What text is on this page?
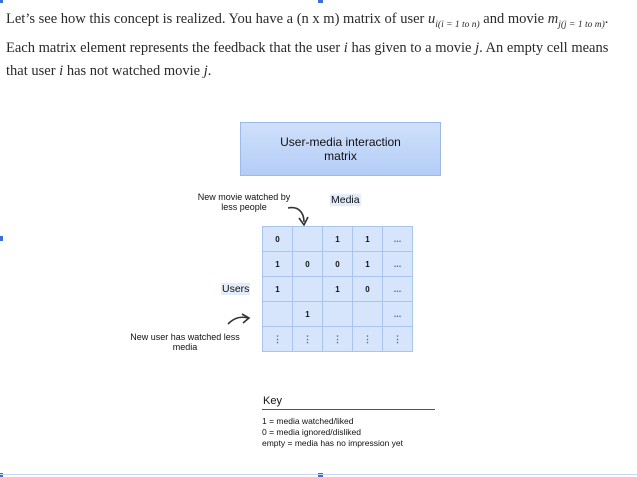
Let’s see how this concept is realized. You have a (n x m) matrix of user $u_{i(i = 1 to n)}$ and movie $m_{j(j = 1 to m)}$. Each matrix element represents the feedback that the user i has given to a movie j. An empty cell means that user i has not watched movie j.
User-media interaction matrix
New movie watched by less people
Media
Users
0		1	1	...
1	0	0	1	...
1		1	0	...
	1			...
⋮	⋮	⋮	⋮	⋮
New user has watched less media
Key
1 = media watched/liked
0 = media ignored/disliked
empty = media has no impression yet
